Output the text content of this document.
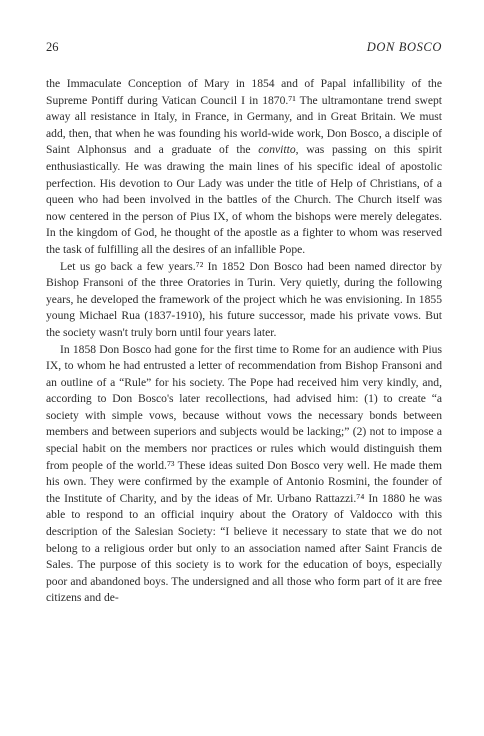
26	DON BOSCO

the Immaculate Conception of Mary in 1854 and of Papal infallibility of the Supreme Pontiff during Vatican Council I in 1870.⁷¹ The ultramontane trend swept away all resistance in Italy, in France, in Germany, and in Great Britain. We must add, then, that when he was founding his world-wide work, Don Bosco, a disciple of Saint Alphonsus and a graduate of the convitto, was passing on this spirit enthusiastically. He was drawing the main lines of his specific ideal of apostolic perfection. His devotion to Our Lady was under the title of Help of Christians, of a queen who had been involved in the battles of the Church. The Church itself was now centered in the person of Pius IX, of whom the bishops were merely delegates. In the kingdom of God, he thought of the apostle as a fighter to whom was reserved the task of fulfilling all the desires of an infallible Pope.

Let us go back a few years.⁷² In 1852 Don Bosco had been named director by Bishop Fransoni of the three Oratories in Turin. Very quietly, during the following years, he developed the framework of the project which he was envisioning. In 1855 young Michael Rua (1837-1910), his future successor, made his private vows. But the society wasn't truly born until four years later.

In 1858 Don Bosco had gone for the first time to Rome for an audience with Pius IX, to whom he had entrusted a letter of recommendation from Bishop Fransoni and an outline of a “Rule” for his society. The Pope had received him very kindly, and, according to Don Bosco's later recollections, had advised him: (1) to create “a society with simple vows, because without vows the necessary bonds between members and between superiors and subjects would be lacking;” (2) not to impose a special habit on the members nor practices or rules which would distinguish them from people of the world.⁷³ These ideas suited Don Bosco very well. He made them his own. They were confirmed by the example of Antonio Rosmini, the founder of the Institute of Charity, and by the ideas of Mr. Urbano Rattazzi.⁷⁴ In 1880 he was able to respond to an official inquiry about the Oratory of Valdocco with this description of the Salesian Society: “I believe it necessary to state that we do not belong to a religious order but only to an association named after Saint Francis de Sales. The purpose of this society is to work for the education of boys, especially poor and abandoned boys. The undersigned and all those who form part of it are free citizens and de-
